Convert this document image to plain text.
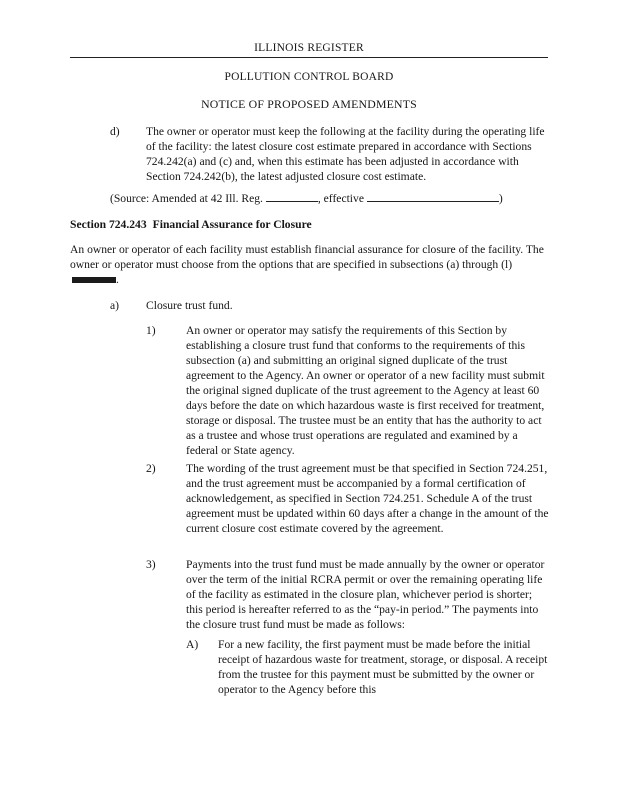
ILLINOIS REGISTER
POLLUTION CONTROL BOARD
NOTICE OF PROPOSED AMENDMENTS
d) The owner or operator must keep the following at the facility during the operating life of the facility: the latest closure cost estimate prepared in accordance with Sections 724.242(a) and (c) and, when this estimate has been adjusted in accordance with Section 724.242(b), the latest adjusted closure cost estimate.

(Source: Amended at 42 Ill. Reg.	, effective	)
Section 724.243 Financial Assurance for Closure

An owner or operator of each facility must establish financial assurance for closure of the facility. The owner or operator must choose from the options that are specified in subsections (a) through (l) .

a) Closure trust fund.
1)	An owner or operator may satisfy the requirements of this Section by establishing a closure trust fund that conforms to the requirements of this subsection (a) and submitting an original signed duplicate of the trust agreement to the Agency. An owner or operator of a new facility must submit the original signed duplicate of the trust agreement to the Agency at least 60 days before the date on which hazardous waste is first received for treatment, storage or disposal. The trustee must be an entity that has the authority to act as a trustee and whose trust operations are regulated and examined by a federal or State agency.

2)	The wording of the trust agreement must be that specified in Section 724.251, and the trust agreement must be accompanied by a formal certification of acknowledgement, as specified in Section 724.251. Schedule A of the trust agreement must be updated within 60 days after a change in the amount of the current closure cost estimate covered by the agreement.

3)	Payments into the trust fund must be made annually by the owner or operator over the term of the initial RCRA permit or over the remaining operating life of the facility as estimated in the closure plan, whichever period is shorter; this period is hereafter referred to as the “pay-in period.” The payments into the closure trust fund must be made as follows:

A) For a new facility, the first payment must be made before the initial receipt of hazardous waste for treatment, storage, or disposal. A receipt from the trustee for this payment must be submitted by the owner or operator to the Agency before this
